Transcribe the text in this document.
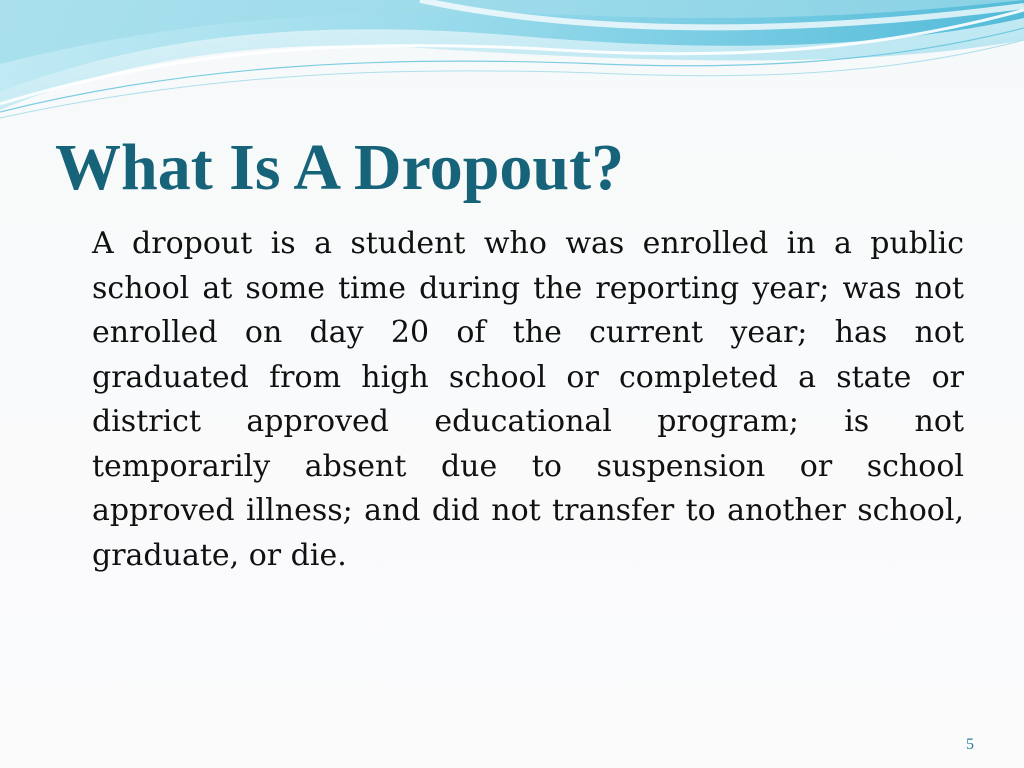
What Is A Dropout?

A dropout is a student who was enrolled in a public school at some time during the reporting year; was not enrolled on day 20 of the current year; has not graduated from high school or completed a state or district approved educational program; is not temporarily absent due to suspension or school approved illness; and did not transfer to another school, graduate, or die.

5
